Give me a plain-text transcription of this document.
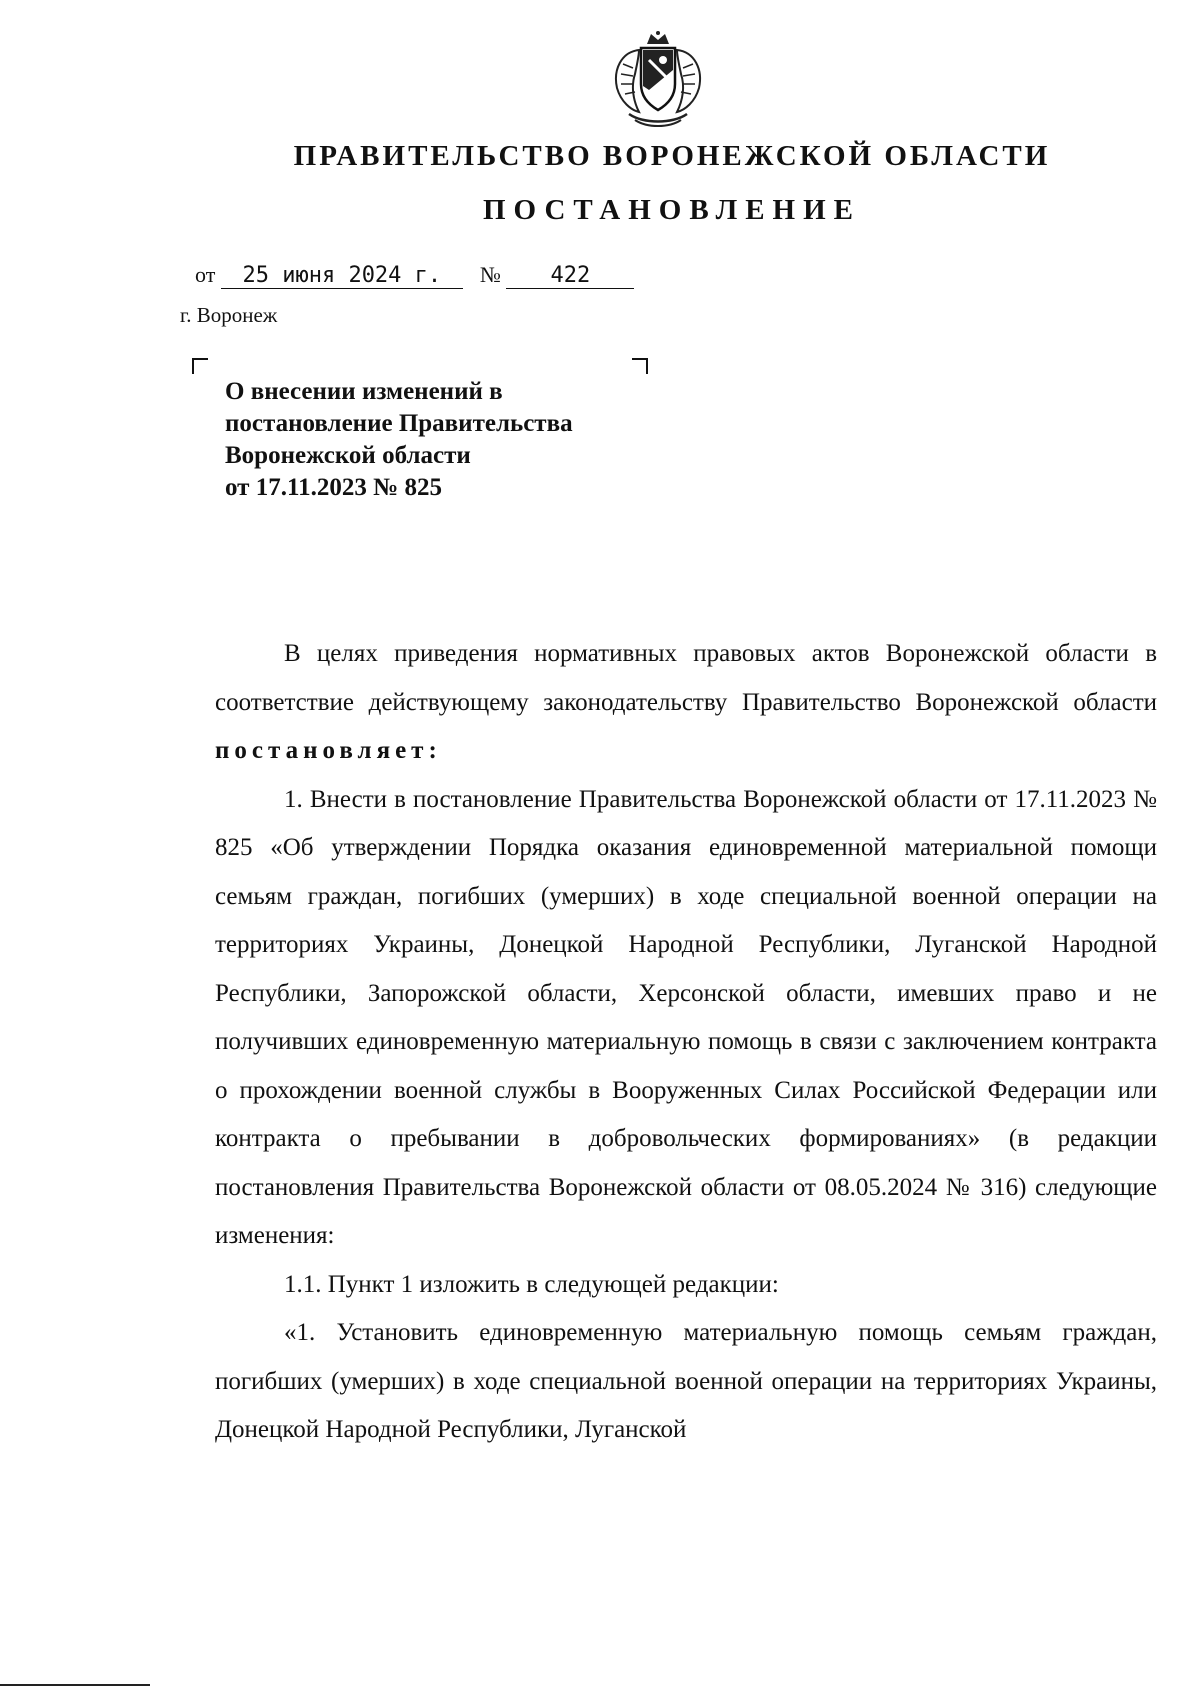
ПРАВИТЕЛЬСТВО ВОРОНЕЖСКОЙ ОБЛАСТИ
ПОСТАНОВЛЕНИЕ
от 25 июня 2024 г. № 422
г. Воронеж
О внесении изменений в
постановление Правительства
Воронежской области
от 17.11.2023 № 825

В целях приведения нормативных правовых актов Воронежской области в соответствие действующему законодательству Правительство Воронежской области постановляет:

1. Внести в постановление Правительства Воронежской области от 17.11.2023 № 825 «Об утверждении Порядка оказания единовременной материальной помощи семьям граждан, погибших (умерших) в ходе специальной военной операции на территориях Украины, Донецкой Народной Республики, Луганской Народной Республики, Запорожской области, Херсонской области, имевших право и не получивших единовременную материальную помощь в связи с заключением контракта о прохождении военной службы в Вооруженных Силах Российской Федерации или контракта о пребывании в добровольческих формированиях» (в редакции постановления Правительства Воронежской области от 08.05.2024 № 316) следующие изменения:

1.1. Пункт 1 изложить в следующей редакции:

«1. Установить единовременную материальную помощь семьям граждан, погибших (умерших) в ходе специальной военной операции на территориях Украины, Донецкой Народной Республики, Луганской
